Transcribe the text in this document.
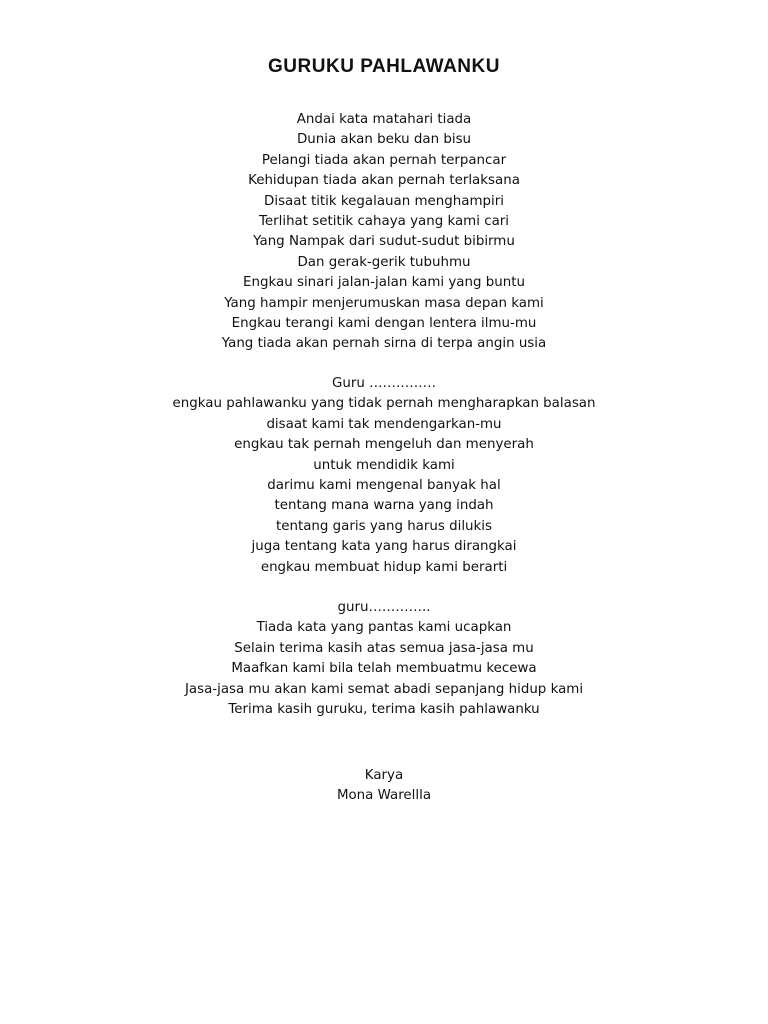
GURUKU PAHLAWANKU
Andai kata matahari tiada
Dunia akan beku dan bisu
Pelangi tiada akan pernah terpancar
Kehidupan tiada akan pernah terlaksana
Disaat titik kegalauan menghampiri
Terlihat setitik cahaya yang kami cari
Yang Nampak dari sudut-sudut bibirmu
Dan gerak-gerik tubuhmu
Engkau sinari jalan-jalan kami yang buntu
Yang hampir menjerumuskan masa depan kami
Engkau terangi kami dengan lentera ilmu-mu
Yang tiada akan pernah sirna di terpa angin usia
Guru ……………
engkau pahlawanku yang tidak pernah mengharapkan balasan
disaat kami tak mendengarkan-mu
engkau tak pernah mengeluh dan menyerah
untuk mendidik kami
darimu kami mengenal banyak hal
tentang mana warna yang indah
tentang garis yang harus dilukis
juga tentang kata yang harus dirangkai
engkau membuat hidup kami berarti
guru…………..
Tiada kata yang pantas kami ucapkan
Selain terima kasih atas semua jasa-jasa mu
Maafkan kami bila telah membuatmu kecewa
Jasa-jasa mu akan kami semat abadi sepanjang hidup kami
Terima kasih guruku, terima kasih pahlawanku
Karya
Mona Warellla
